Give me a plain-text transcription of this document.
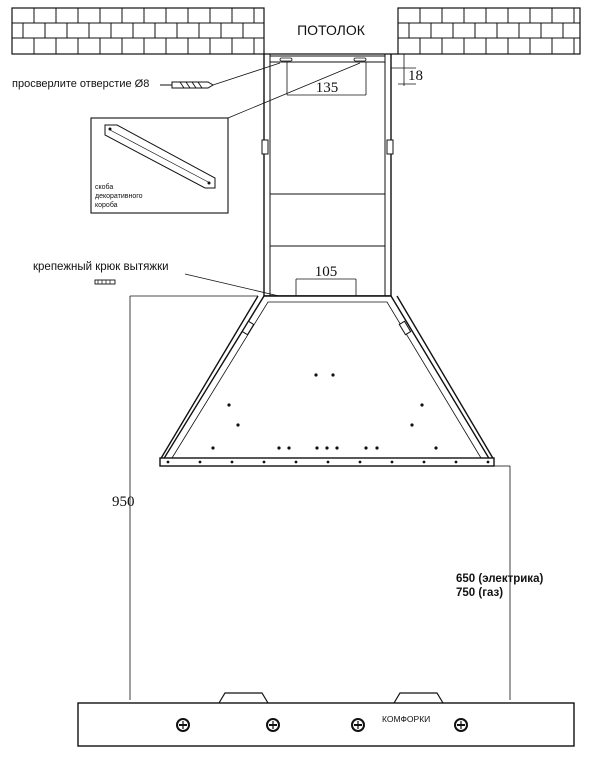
ПОТОЛОК
135
18
просверлите отверстие Ø8
скоба
декоративного
короба
105
крепежный крюк вытяжки
950
650 (электрика)
750 (газ)
КОМФОРКИ
